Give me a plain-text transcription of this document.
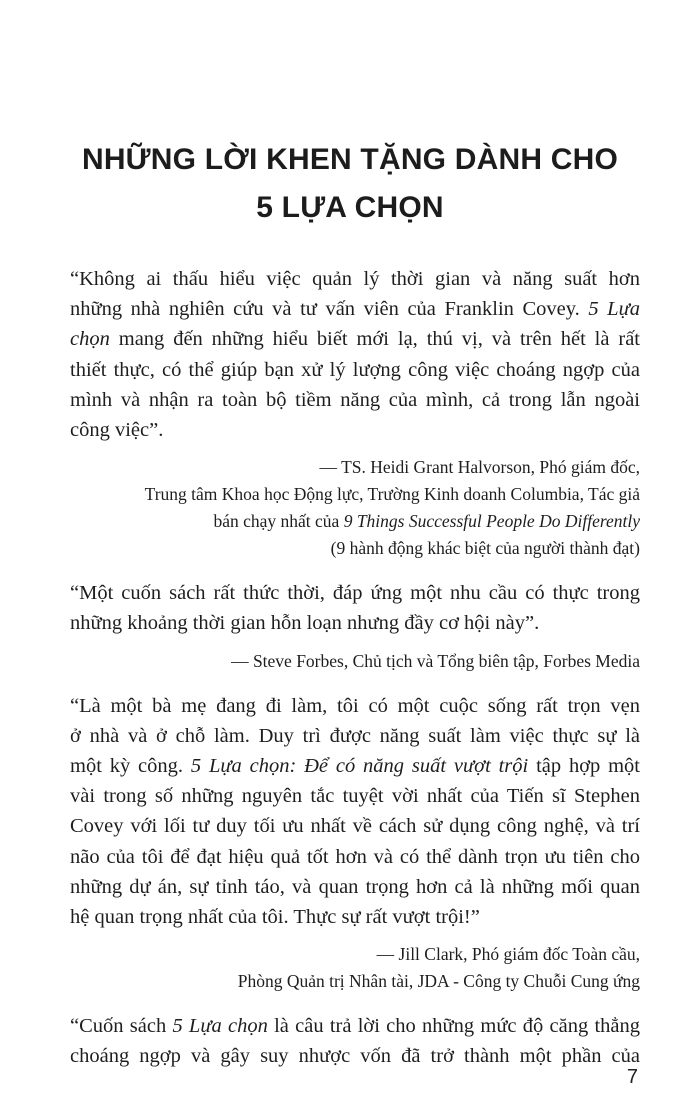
NHỮNG LỜI KHEN TẶNG DÀNH CHO
5 LỰA CHỌN

“Không ai thấu hiểu việc quản lý thời gian và năng suất hơn
những nhà nghiên cứu và tư vấn viên của Franklin Covey. 5 Lựa
chọn mang đến những hiểu biết mới lạ, thú vị, và trên hết là rất
thiết thực, có thể giúp bạn xử lý lượng công việc choáng ngợp của
mình và nhận ra toàn bộ tiềm năng của mình, cả trong lẫn ngoài
công việc”.

— TS. Heidi Grant Halvorson, Phó giám đốc,
Trung tâm Khoa học Động lực, Trường Kinh doanh Columbia, Tác giả
bán chạy nhất của 9 Things Successful People Do Differently
(9 hành động khác biệt của người thành đạt)

“Một cuốn sách rất thức thời, đáp ứng một nhu cầu có thực trong
những khoảng thời gian hỗn loạn nhưng đầy cơ hội này”.

— Steve Forbes, Chủ tịch và Tổng biên tập, Forbes Media

“Là một bà mẹ đang đi làm, tôi có một cuộc sống rất trọn vẹn
ở nhà và ở chỗ làm. Duy trì được năng suất làm việc thực sự là
một kỳ công. 5 Lựa chọn: Để có năng suất vượt trội tập hợp một
vài trong số những nguyên tắc tuyệt vời nhất của Tiến sĩ Stephen
Covey với lối tư duy tối ưu nhất về cách sử dụng công nghệ, và trí
não của tôi để đạt hiệu quả tốt hơn và có thể dành trọn ưu tiên cho
những dự án, sự tỉnh táo, và quan trọng hơn cả là những mối quan
hệ quan trọng nhất của tôi. Thực sự rất vượt trội!”

— Jill Clark, Phó giám đốc Toàn cầu,
Phòng Quản trị Nhân tài, JDA - Công ty Chuỗi Cung ứng

“Cuốn sách 5 Lựa chọn là câu trả lời cho những mức độ căng thẳng
choáng ngợp và gây suy nhược vốn đã trở thành một phần của

7
